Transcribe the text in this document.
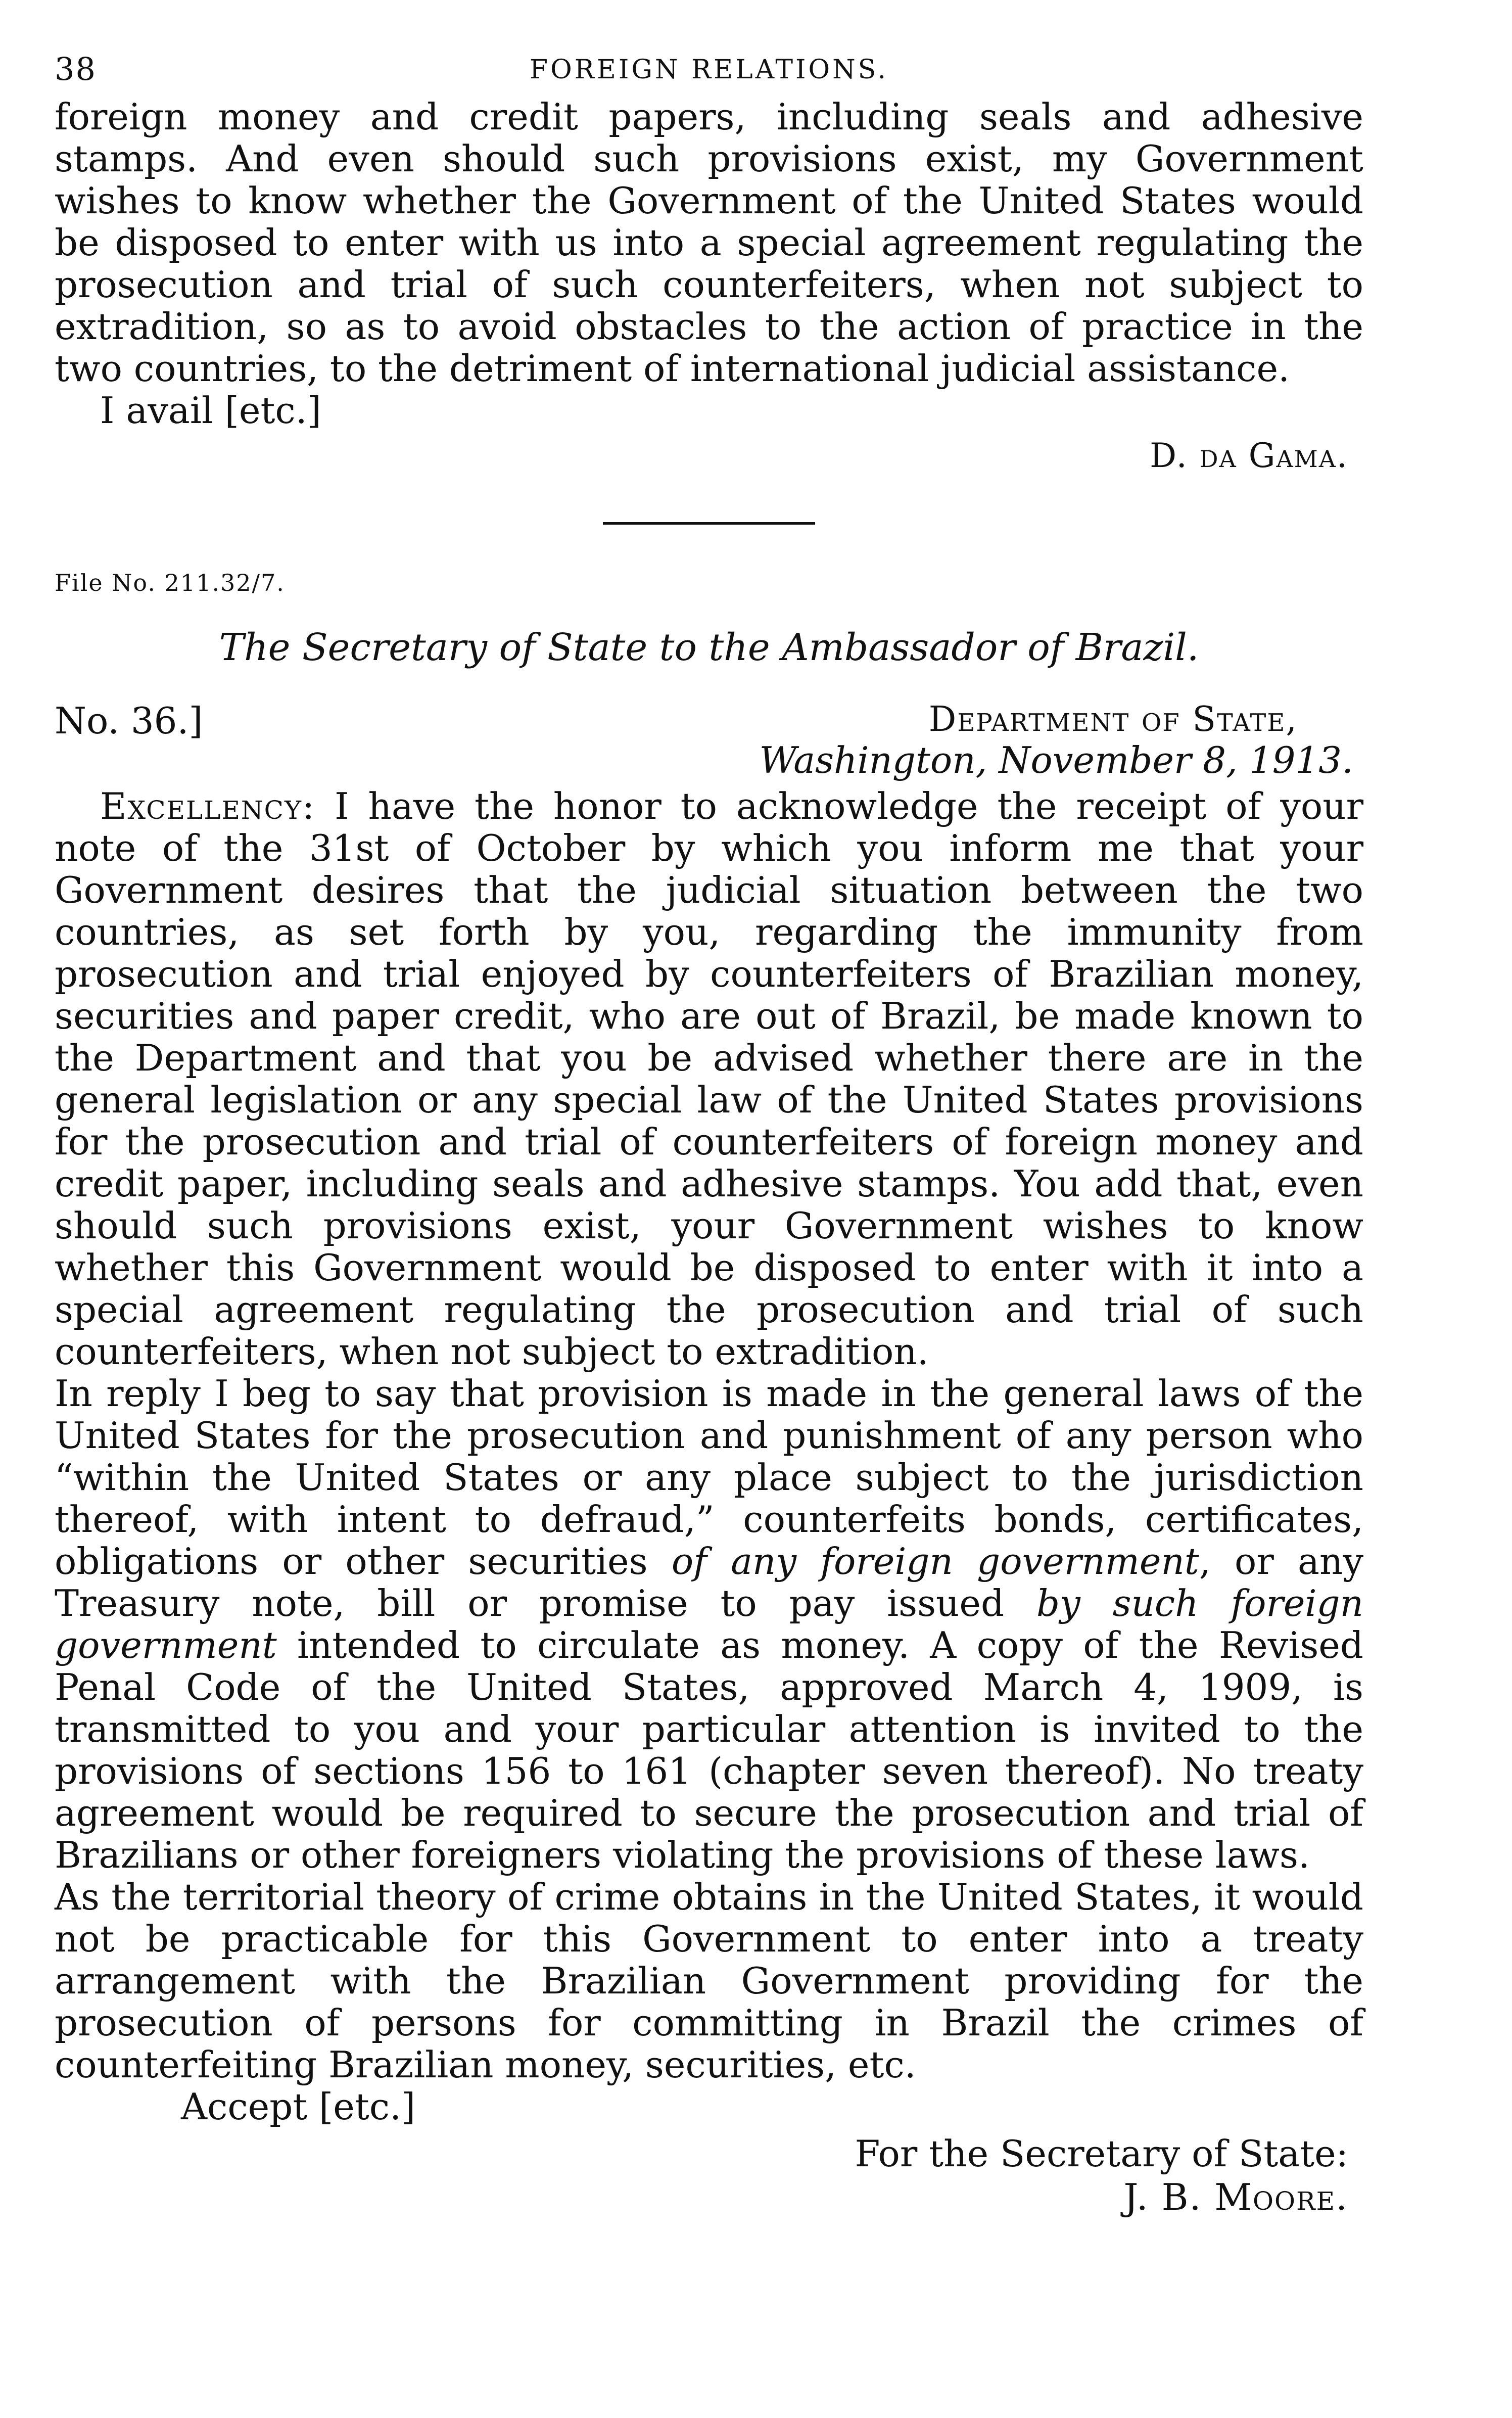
38	FOREIGN RELATIONS.

foreign money and credit papers, including seals and adhesive stamps. And even should such provisions exist, my Government wishes to know whether the Government of the United States would be disposed to enter with us into a special agreement regulating the prosecution and trial of such counterfeiters, when not subject to extradition, so as to avoid obstacles to the action of practice in the two countries, to the detriment of international judicial assistance.

I avail [etc.]

D. da Gama.

File No. 211.32/7.

The Secretary of State to the Ambassador of Brazil.

No. 36.]	Department of State,
Washington, November 8, 1913.

Excellency: I have the honor to acknowledge the receipt of your note of the 31st of October by which you inform me that your Government desires that the judicial situation between the two countries, as set forth by you, regarding the immunity from prosecution and trial enjoyed by counterfeiters of Brazilian money, securities and paper credit, who are out of Brazil, be made known to the Department and that you be advised whether there are in the general legislation or any special law of the United States provisions for the prosecution and trial of counterfeiters of foreign money and credit paper, including seals and adhesive stamps. You add that, even should such provisions exist, your Government wishes to know whether this Government would be disposed to enter with it into a special agreement regulating the prosecution and trial of such counterfeiters, when not subject to extradition.

In reply I beg to say that provision is made in the general laws of the United States for the prosecution and punishment of any person who “within the United States or any place subject to the jurisdiction thereof, with intent to defraud,” counterfeits bonds, certificates, obligations or other securities of any foreign government, or any Treasury note, bill or promise to pay issued by such foreign government intended to circulate as money. A copy of the Revised Penal Code of the United States, approved March 4, 1909, is transmitted to you and your particular attention is invited to the provisions of sections 156 to 161 (chapter seven thereof). No treaty agreement would be required to secure the prosecution and trial of Brazilians or other foreigners violating the provisions of these laws.

As the territorial theory of crime obtains in the United States, it would not be practicable for this Government to enter into a treaty arrangement with the Brazilian Government providing for the prosecution of persons for committing in Brazil the crimes of counterfeiting Brazilian money, securities, etc.

Accept [etc.]

For the Secretary of State:
J. B. Moore.
